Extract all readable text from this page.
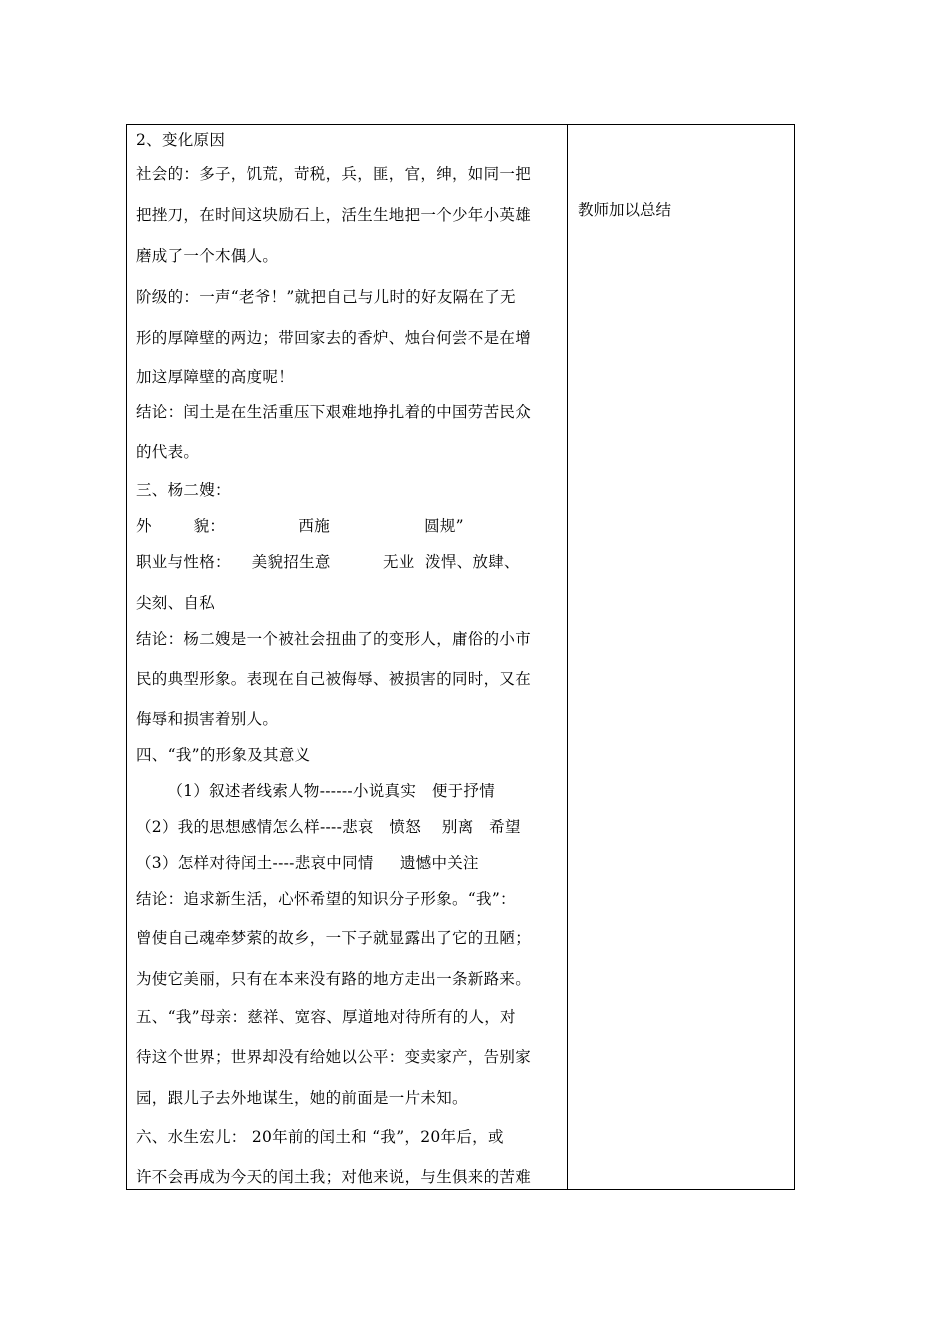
2、变化原因
社会的：多子，饥荒，苛税，兵，匪，官，绅，如同一把
把挫刀，在时间这块励石上，活生生地把一个少年小英雄
磨成了一个木偶人。
阶级的：一声“老爷！”就把自己与儿时的好友隔在了无
形的厚障壁的两边；带回家去的香炉、烛台何尝不是在增
加这厚障壁的高度呢！
结论：闰土是在生活重压下艰难地挣扎着的中国劳苦民众
的代表。
三、杨二嫂：
外        貌：              西施                  圆规”
职业与性格：    美貌招生意          无业  泼悍、放肆、
尖刻、自私
结论：杨二嫂是一个被社会扭曲了的变形人，庸俗的小市
民的典型形象。表现在自己被侮辱、被损害的同时，又在
侮辱和损害着别人。
四、“我”的形象及其意义
（1）叙述者线索人物------小说真实   便于抒情
（2）我的思想感情怎么样----悲哀   愤怒    别离   希望
（3）怎样对待闰土----悲哀中同情     遗憾中关注
结论：追求新生活，心怀希望的知识分子形象。“我”：
曾使自己魂牵梦萦的故乡，一下子就显露出了它的丑陋；
为使它美丽，只有在本来没有路的地方走出一条新路来。
五、“我”母亲：慈祥、宽容、厚道地对待所有的人，对
待这个世界；世界却没有给她以公平：变卖家产，告别家
园，跟儿子去外地谋生，她的前面是一片未知。
六、水生宏儿： 20年前的闰土和 “我”，20年后，或
许不会再成为今天的闰土我；对他来说，与生俱来的苦难
教师加以总结
